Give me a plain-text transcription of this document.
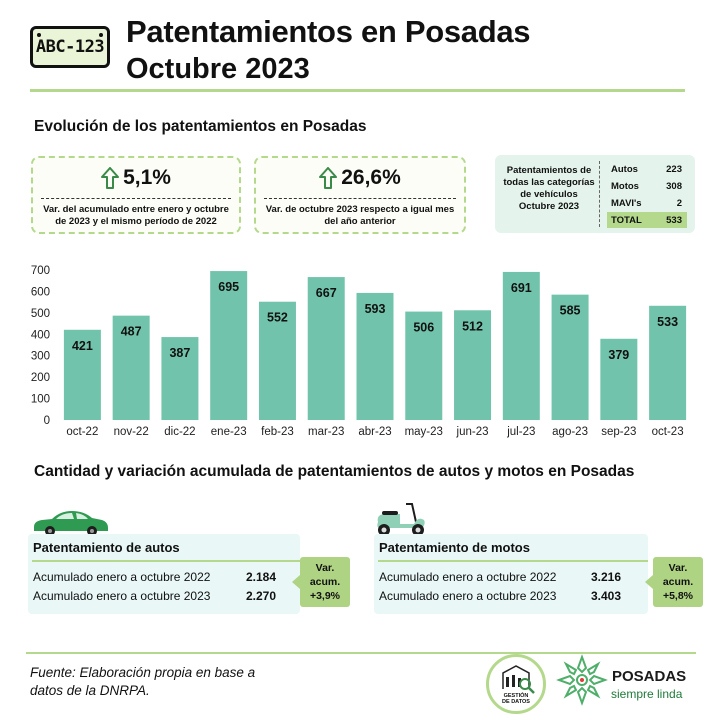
ABC-123 Patentamientos en Posadas
Octubre 2023
Evolución de los patentamientos en Posadas
5,1%
Var. del acumulado entre enero y octubre de 2023 y el mismo período de 2022
26,6%
Var. de octubre 2023 respecto a igual mes del año anterior
Patentamientos de todas las categorías de vehículos Octubre 2023
Autos	223
Motos	308
MAVI's	2
TOTAL	533
0
100
200
300
400
500
600
700
421
oct-22
487
nov-22
387
dic-22
695
ene-23
552
feb-23
667
mar-23
593
abr-23
506
may-23
512
jun-23
691
jul-23
585
ago-23
379
sep-23
533
oct-23
Cantidad y variación acumulada de patentamientos de autos y motos en Posadas
Patentamiento de autos
Acumulado enero a octubre 2022	2.184
Acumulado enero a octubre 2023	2.270
Var.
acum.
+3,9%
Patentamiento de motos
Acumulado enero a octubre 2022	3.216
Acumulado enero a octubre 2023	3.403
Var.
acum.
+5,8%
Fuente: Elaboración propia en base a
datos de la DNRPA.	GESTIÓN
DE DATOS
POSADAS
siempre linda
